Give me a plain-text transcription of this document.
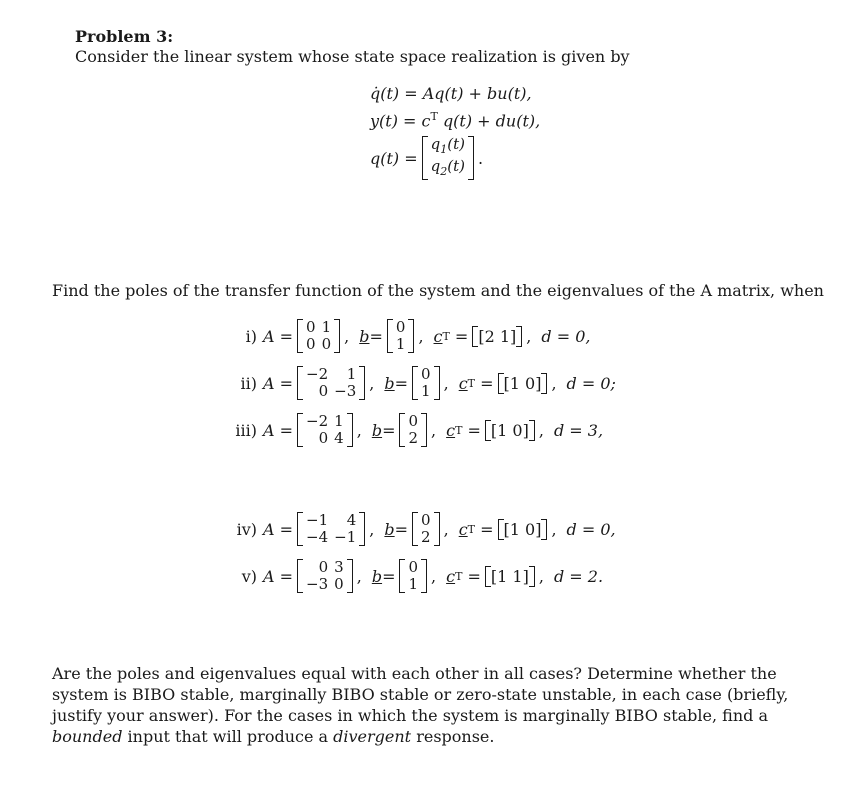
Problem 3:
Consider the linear system whose state space realization is given by
q̇(t) = Aq(t) + bu(t),
$y(t) = c^T$ q(t) + du(t),
q(t) =
$q_1(t)$
$q_2(t)$ .
Find the poles of the transfer function of the system and the eigenvalues of the A matrix, when
i) A = 0	1
0	0 , b = 0
1 , c T = [2 1] , d = 0,
ii) A = −2	1
0	−3 , b = 0
1 , c T = [1 0] , d = 0;
iii) A = −2	1
0	4 , b = 0
2 , c T = [1 0] , d = 3,
iv) A = −1	4
−4	−1 , b = 0
2 , c T = [1 0] , d = 0,
v) A = 0	3
−3	0 , b = 0
1 , c T = [1 1] , d = 2.
Are the poles and eigenvalues equal with each other in all cases? Determine whether the system is BIBO stable, marginally BIBO stable or zero-state unstable, in each case (briefly, justify your answer). For the cases in which the system is marginally BIBO stable, find a bounded input that will produce a divergent response.
